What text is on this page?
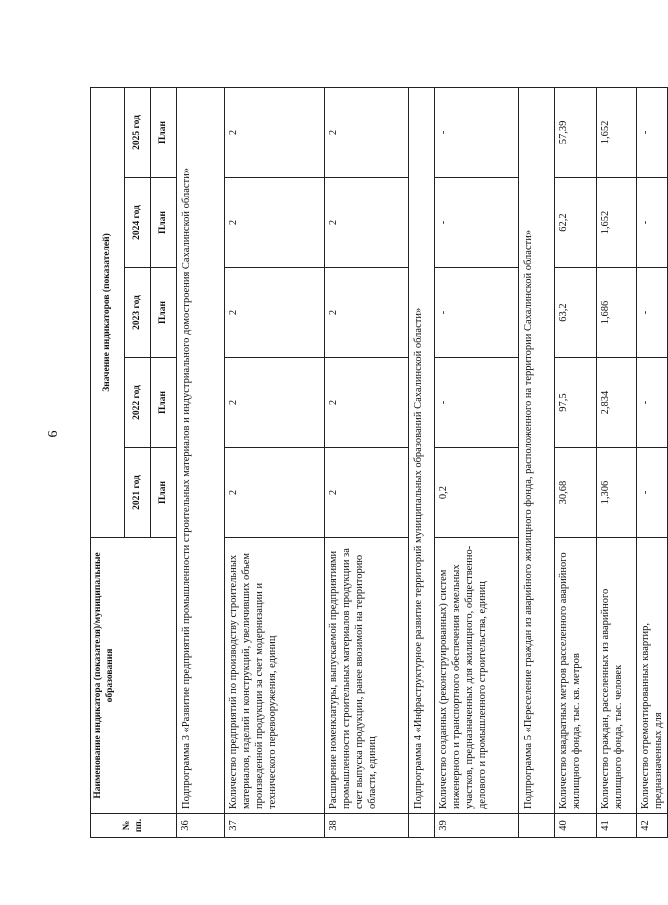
6
№ пп.	Наименование индикатора (показателя)/муниципальные образования	Значение индикаторов (показателей)				
		2021 год	2022 год	2023 год	2024 год	2025 год
		План	План	План	План	План
36	Подпрограмма 3 «Развитие предприятий промышленности строительных материалов и индустриального домостроения Сахалинской области»					
37	Количество предприятий по производству строительных материалов, изделий и конструкций, увеличивших объем произведенной продукции за счет модернизации и технического перевооружения, единиц	2	2	2	2	2
38	Расширение номенклатуры, выпускаемой предприятиями промышленности строительных материалов продукции за счет выпуска продукции, ранее ввозимой на территорию области, единиц	2	2	2	2	2
	Подпрограмма 4 «Инфраструктурное развитие территорий муниципальных образований Сахалинской области»					
39	Количество созданных (реконструированных) систем инженерного и транспортного обеспечения земельных участков, предназначенных для жилищного, общественно-делового и промышленного строительства, единиц	0,2	-	-	-	-
	Подпрограмма 5 «Переселение граждан из аварийного жилищного фонда, расположенного на территории Сахалинской области»					
40	Количество квадратных метров расселенного аварийного жилищного фонда, тыс. кв. метров	30,68	97,5	63,2	62,2	57,39
41	Количество граждан, расселенных из аварийного жилищного фонда, тыс. человек	1,306	2,834	1,686	1,652	1,652
42	Количество отремонтированных квартир, предназначенных для	-	-	-	-	-
